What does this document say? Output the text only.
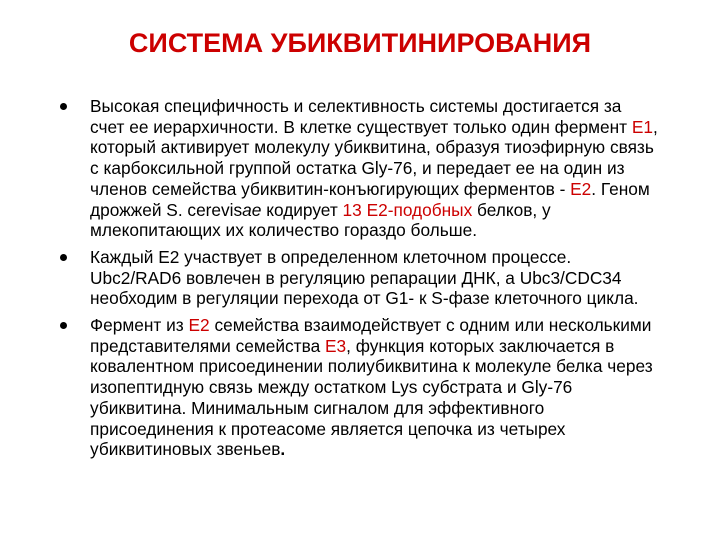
СИСТЕМА УБИКВИТИНИРОВАНИЯ
Высокая специфичность и селективность системы достигается за счет ее иерархичности. В клетке существует только один фермент Е1, который активирует молекулу убиквитина, образуя тиоэфирную связь с карбоксильной группой остатка Gly-76, и передает ее на один из членов семейства убиквитин-конъюгирующих ферментов - Е2. Геном дрожжей S. cerevisae кодирует 13 Е2-подобных белков, у млекопитающих их количество гораздо больше.
Каждый Е2 участвует в определенном клеточном процессе. Ubc2/RAD6 вовлечен в регуляцию репарации ДНК, а Ubc3/CDC34 необходим в регуляции перехода от G1- к S-фазе клеточного цикла.
Фермент из Е2 семейства взаимодействует с одним или несколькими представителями семейства Е3, функция которых заключается в ковалентном присоединении полиубиквитина к молекуле белка через изопептидную связь между остатком Lys субстрата и Gly-76 убиквитина. Минимальным сигналом для эффективного присоединения к протеасоме является цепочка из четырех убиквитиновых звеньев.
